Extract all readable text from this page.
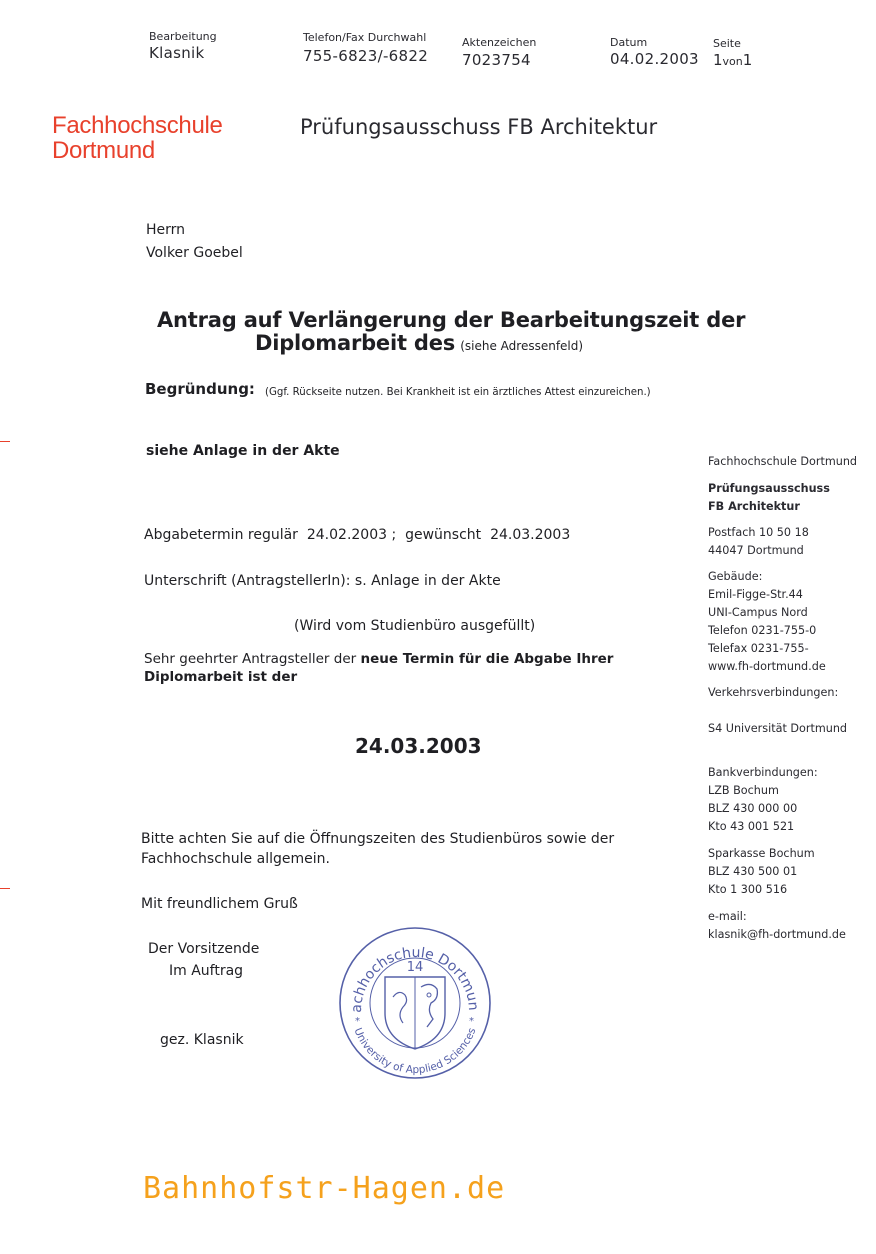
Bearbeitung
Klasnik
Telefon/Fax Durchwahl
755-6823/-6822
Aktenzeichen
7023754
Datum
04.02.2003
Seite
1von1
Fachhochschule
Dortmund
Prüfungsausschuss FB Architektur
Herrn
Volker Goebel
Antrag auf Verlängerung der Bearbeitungszeit der
Diplomarbeit des (siehe Adressenfeld)
Begründung: (Ggf. Rückseite nutzen. Bei Krankheit ist ein ärztliches Attest einzureichen.)
siehe Anlage in der Akte
Abgabetermin regulär 24.02.2003 ; gewünscht 24.03.2003
Unterschrift (AntragstellerIn): s. Anlage in der Akte
(Wird vom Studienbüro ausgefüllt)
Sehr geehrter Antragsteller der neue Termin für die Abgabe Ihrer
Diplomarbeit ist der
24.03.2003
Bitte achten Sie auf die Öffnungszeiten des Studienbüros sowie der
Fachhochschule allgemein.
Mit freundlichem Gruß
Der Vorsitzende
Im Auftrag
gez. Klasnik
achhochschule Dortmun
University of Applied Sciences
14
*	*
Fachhochschule Dortmund
Prüfungsausschuss
FB Architektur
Postfach 10 50 18
44047 Dortmund
Gebäude:
Emil-Figge-Str.44
UNI-Campus Nord
Telefon 0231-755-0
Telefax 0231-755-
www.fh-dortmund.de
Verkehrsverbindungen:
S4 Universität Dortmund
Bankverbindungen:
LZB Bochum
BLZ 430 000 00
Kto 43 001 521
Sparkasse Bochum
BLZ 430 500 01
Kto 1 300 516
e-mail:
klasnik@fh-dortmund.de
Bahnhofstr-Hagen.de
